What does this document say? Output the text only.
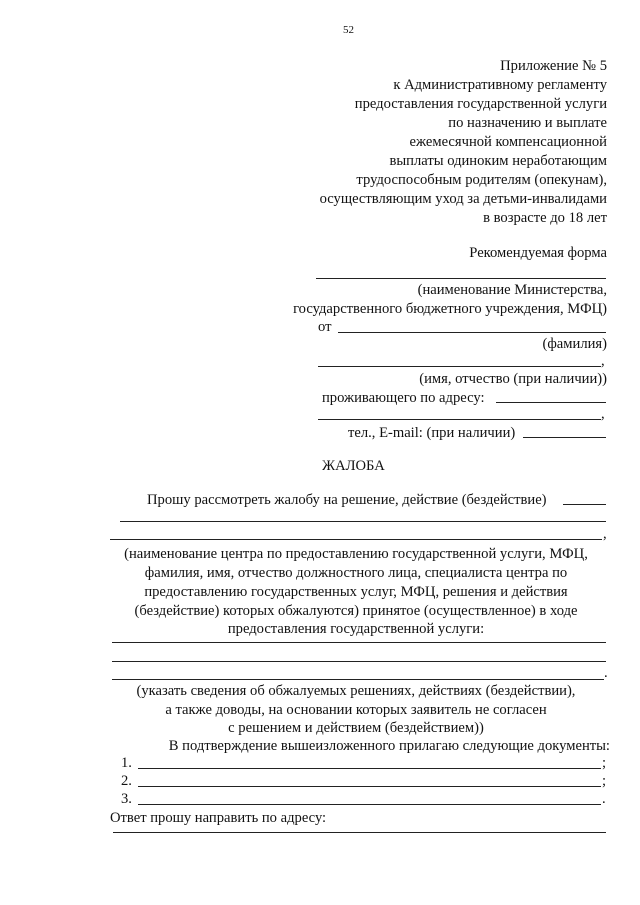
52
Приложение № 5
к Административному регламенту
предоставления государственной услуги
по назначению и выплате
ежемесячной компенсационной
выплаты одиноким неработающим
трудоспособным родителям (опекунам),
осуществляющим уход за детьми-инвалидами
в возрасте до 18 лет
Рекомендуемая форма
(наименование Министерства,
государственного бюджетного учреждения, МФЦ)
от
(фамилия)
,
(имя, отчество (при наличии))
проживающего по адресу:
,
тел., E-mail: (при наличии)
ЖАЛОБА
Прошу рассмотреть жалобу на решение, действие (бездействие)
,
(наименование центра по предоставлению государственной услуги, МФЦ,
фамилия, имя, отчество должностного лица, специалиста центра по
предоставлению государственных услуг, МФЦ, решения и действия
(бездействие) которых обжалуются) принятое (осуществленное) в ходе
предоставления государственной услуги:
.
(указать сведения об обжалуемых решениях, действиях (бездействии),
а также доводы, на основании которых заявитель не согласен
с решением и действием (бездействием))
В подтверждение вышеизложенного прилагаю следующие документы:
1.	;
2.	;
3.	.
Ответ прошу направить по адресу:
